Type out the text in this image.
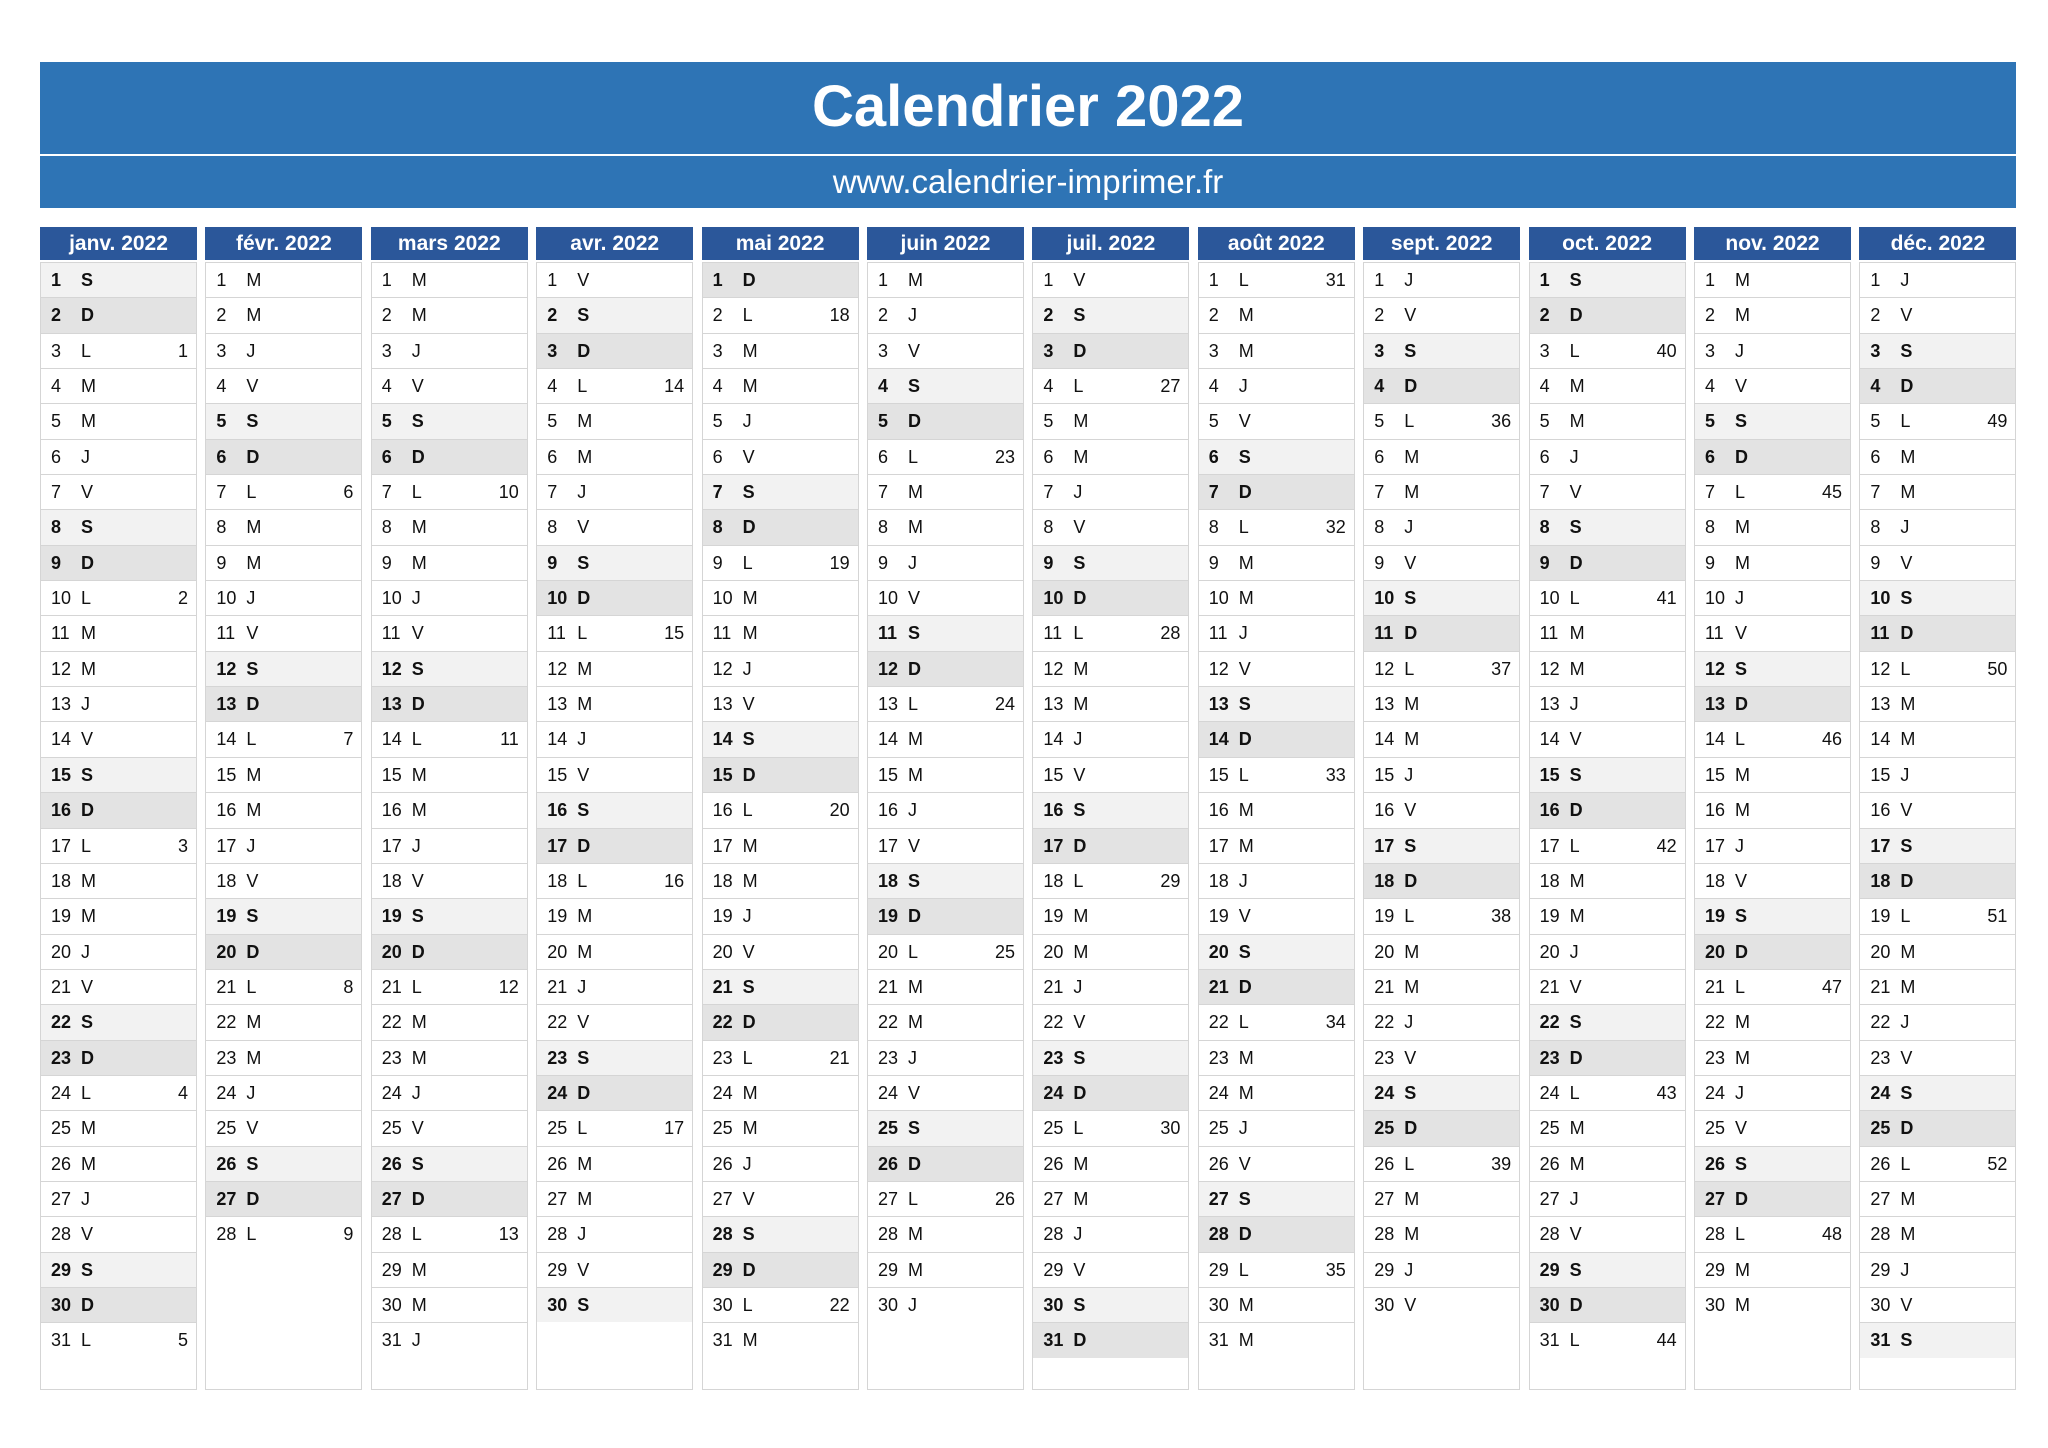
Calendrier 2022
www.calendrier-imprimer.fr
janv. 2022
1 S
2 D
3 L	1
4 M
5 M
6 J
7 V
8 S
9 D
10 L	2
11 M
12 M
13 J
14 V
15 S
16 D
17 L	3
18 M
19 M
20 J
21 V
22 S
23 D
24 L	4
25 M
26 M
27 J
28 V
29 S
30 D
31 L	5
févr. 2022
1 M
2 M
3 J
4 V
5 S
6 D
7 L	6
8 M
9 M
10 J
11 V
12 S
13 D
14 L	7
15 M
16 M
17 J
18 V
19 S
20 D
21 L	8
22 M
23 M
24 J
25 V
26 S
27 D
28 L	9
mars 2022
1 M
2 M
3 J
4 V
5 S
6 D
7 L	10
8 M
9 M
10 J
11 V
12 S
13 D
14 L	11
15 M
16 M
17 J
18 V
19 S
20 D
21 L	12
22 M
23 M
24 J
25 V
26 S
27 D
28 L	13
29 M
30 M
31 J
avr. 2022
1 V
2 S
3 D
4 L	14
5 M
6 M
7 J
8 V
9 S
10 D
11 L	15
12 M
13 M
14 J
15 V
16 S
17 D
18 L	16
19 M
20 M
21 J
22 V
23 S
24 D
25 L	17
26 M
27 M
28 J
29 V
30 S
mai 2022
1 D
2 L	18
3 M
4 M
5 J
6 V
7 S
8 D
9 L	19
10 M
11 M
12 J
13 V
14 S
15 D
16 L	20
17 M
18 M
19 J
20 V
21 S
22 D
23 L	21
24 M
25 M
26 J
27 V
28 S
29 D
30 L	22
31 M
juin 2022
1 M
2 J
3 V
4 S
5 D
6 L	23
7 M
8 M
9 J
10 V
11 S
12 D
13 L	24
14 M
15 M
16 J
17 V
18 S
19 D
20 L	25
21 M
22 M
23 J
24 V
25 S
26 D
27 L	26
28 M
29 M
30 J
juil. 2022
1 V
2 S
3 D
4 L	27
5 M
6 M
7 J
8 V
9 S
10 D
11 L	28
12 M
13 M
14 J
15 V
16 S
17 D
18 L	29
19 M
20 M
21 J
22 V
23 S
24 D
25 L	30
26 M
27 M
28 J
29 V
30 S
31 D
août 2022
1 L	31
2 M
3 M
4 J
5 V
6 S
7 D
8 L	32
9 M
10 M
11 J
12 V
13 S
14 D
15 L	33
16 M
17 M
18 J
19 V
20 S
21 D
22 L	34
23 M
24 M
25 J
26 V
27 S
28 D
29 L	35
30 M
31 M
sept. 2022
1 J
2 V
3 S
4 D
5 L	36
6 M
7 M
8 J
9 V
10 S
11 D
12 L	37
13 M
14 M
15 J
16 V
17 S
18 D
19 L	38
20 M
21 M
22 J
23 V
24 S
25 D
26 L	39
27 M
28 M
29 J
30 V
oct. 2022
1 S
2 D
3 L	40
4 M
5 M
6 J
7 V
8 S
9 D
10 L	41
11 M
12 M
13 J
14 V
15 S
16 D
17 L	42
18 M
19 M
20 J
21 V
22 S
23 D
24 L	43
25 M
26 M
27 J
28 V
29 S
30 D
31 L	44
nov. 2022
1 M
2 M
3 J
4 V
5 S
6 D
7 L	45
8 M
9 M
10 J
11 V
12 S
13 D
14 L	46
15 M
16 M
17 J
18 V
19 S
20 D
21 L	47
22 M
23 M
24 J
25 V
26 S
27 D
28 L	48
29 M
30 M
déc. 2022
1 J
2 V
3 S
4 D
5 L	49
6 M
7 M
8 J
9 V
10 S
11 D
12 L	50
13 M
14 M
15 J
16 V
17 S
18 D
19 L	51
20 M
21 M
22 J
23 V
24 S
25 D
26 L	52
27 M
28 M
29 J
30 V
31 S
